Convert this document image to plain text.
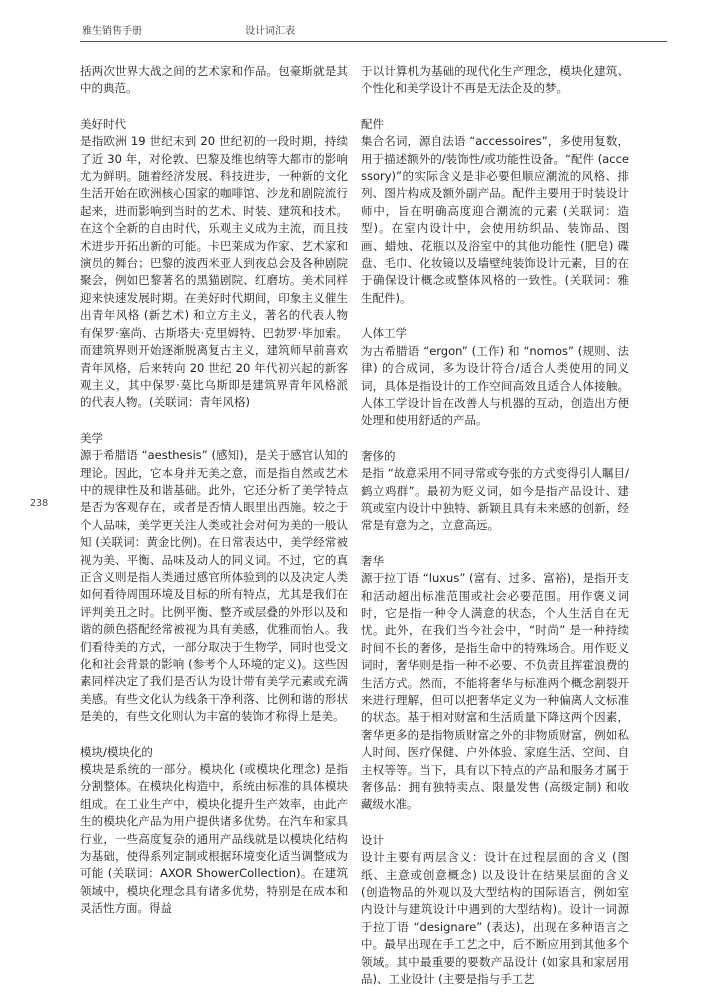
雅生销售手册	设计词汇表
238

括两次世界大战之间的艺术家和作品。包豪斯就是其中的典范。

美好时代

是指欧洲 19 世纪末到 20 世纪初的一段时期，持续了近 30 年，对伦敦、巴黎及维也纳等大都市的影响尤为鲜明。随着经济发展、科技进步，一种新的文化生活开始在欧洲核心国家的咖啡馆、沙龙和剧院流行起来，进而影响到当时的艺术、时装、建筑和技术。在这个全新的自由时代，乐观主义成为主流，而且技术进步开拓出新的可能。卡巴莱成为作家、艺术家和演员的舞台；巴黎的波西米亚人到夜总会及各种剧院聚会，例如巴黎著名的黑猫剧院、红磨坊。美术同样迎来快速发展时期。在美好时代期间，印象主义催生出青年风格 (新艺术) 和立方主义，著名的代表人物有保罗·塞尚、古斯塔夫·克里姆特、巴勃罗·毕加索。而建筑界则开始逐渐脱离复古主义，建筑师早前喜欢青年风格，后来转向 20 世纪 20 年代初兴起的新客观主义，其中保罗·莫比乌斯即是建筑界青年风格派的代表人物。(关联词：青年风格)

美学

源于希腊语 “aesthesis” (感知)，是关于感官认知的理论。因此，它本身并无美之意，而是指自然或艺术中的规律性及和谐基础。此外，它还分析了美学特点是否为客观存在，或者是否情人眼里出西施。较之于个人品味，美学更关注人类或社会对何为美的一般认知 (关联词：黄金比例)。在日常表达中，美学经常被视为美、平衡、品味及动人的同义词。不过，它的真正含义则是指人类通过感官所体验到的以及决定人类如何看待周围环境及目标的所有特点，尤其是我们在评判美丑之时。比例平衡、整齐或层叠的外形以及和谐的颜色搭配经常被视为具有美感，优雅而怡人。我们看待美的方式，一部分取决于生物学，同时也受文化和社会背景的影响 (参考个人环境的定义)。这些因素同样决定了我们是否认为设计带有美学元素或充满美感。有些文化认为线条干净利落、比例和谐的形状是美的，有些文化则认为丰富的装饰才称得上是美。

模块/模块化的

模块是系统的一部分。模块化 (或模块化理念) 是指分割整体。在模块化构造中，系统由标准的具体模块组成。在工业生产中，模块化提升生产效率，由此产生的模块化产品为用户提供诸多优势。在汽车和家具行业，一些高度复杂的通用产品线就是以模块化结构为基础，使得系列定制或根据环境变化适当调整成为可能 (关联词：AXOR ShowerCollection)。在建筑领域中，模块化理念具有诸多优势，特别是在成本和灵活性方面。得益

于以计算机为基础的现代化生产理念，模块化建筑、个性化和美学设计不再是无法企及的梦。

配件

集合名词，源自法语 “accessoires”，多使用复数，用于描述额外的/装饰性/或功能性设备。“配件 (accessory)”的实际含义是非必要但顺应潮流的风格、排列、图片构成及额外副产品。配件主要用于时装设计师中，旨在明确高度迎合潮流的元素 (关联词：造型)。在室内设计中，会使用纺织品、装饰品、图画、蜡烛、花瓶以及浴室中的其他功能性 (肥皂) 碟盘、毛巾、化妆镜以及墙壁纯装饰设计元素，目的在于确保设计概念或整体风格的一致性。(关联词：雅生配件)。

人体工学

为古希腊语 “ergon” (工作) 和 “nomos” (规则、法律) 的合成词，多为设计符合/适合人类使用的同义词，具体是指设计的工作空间高效且适合人体接触。人体工学设计旨在改善人与机器的互动，创造出方便处理和使用舒适的产品。

奢侈的

是指 “故意采用不同寻常或夸张的方式变得引人瞩目/鹤立鸡群”。最初为贬义词，如今是指产品设计、建筑或室内设计中独特、新颖且具有未来感的创新，经常是有意为之，立意高远。

奢华

源于拉丁语 “luxus” (富有、过多、富裕)，是指开支和活动超出标准范围或社会必要范围。用作褒义词时，它是指一种令人满意的状态，个人生活自在无忧。此外，在我们当今社会中，“时尚” 是一种持续时间不长的奢侈，是指生命中的特殊场合。用作贬义词时，奢华则是指一种不必要、不负责且挥霍浪费的生活方式。然而，不能将奢华与标准两个概念割裂开来进行理解，但可以把奢华定义为一种偏离人文标准的状态。基于相对财富和生活质量下降这两个因素，奢华更多的是指物质财富之外的非物质财富，例如私人时间、医疗保健、户外体验、家庭生活、空间、自主权等等。当下，具有以下特点的产品和服务才属于奢侈品：拥有独特卖点、限量发售 (高级定制) 和收藏级水准。

设计

设计主要有两层含义：设计在过程层面的含义 (图纸、主意或创意概念) 以及设计在结果层面的含义 (创造物品的外观以及大型结构的国际语言，例如室内设计与建筑设计中遇到的大型结构)。设计一词源于拉丁语 “designare” (表达)，出现在多种语言之中。最早出现在手工艺之中，后不断应用到其他多个领域。其中最重要的要数产品设计 (如家具和家居用品)、工业设计 (主要是指与手工艺
